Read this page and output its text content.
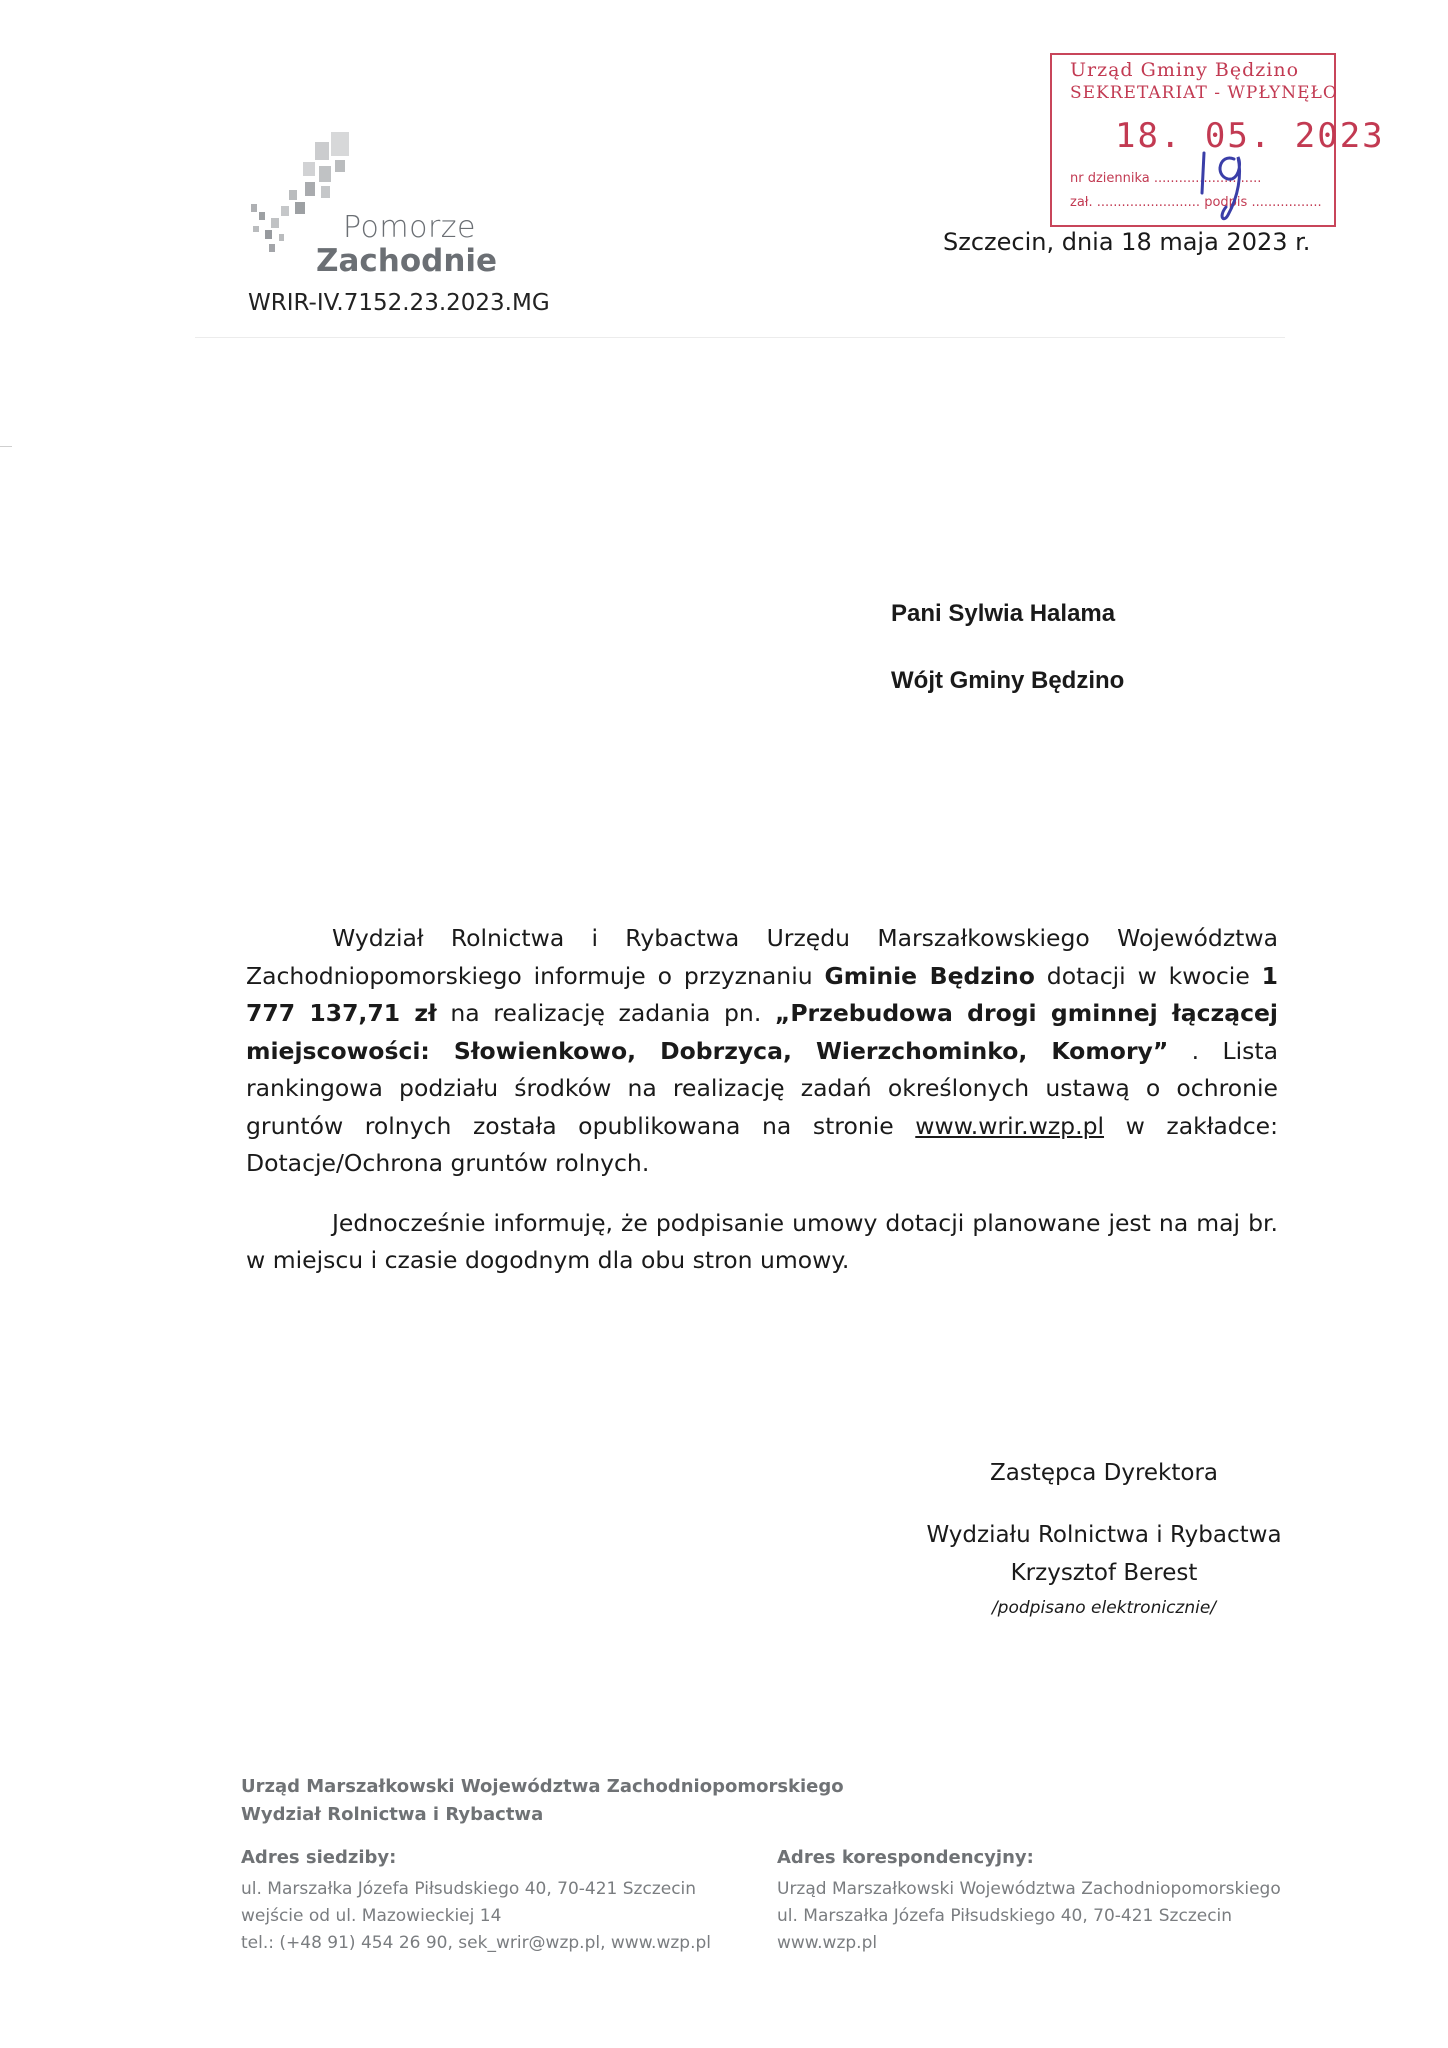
Pomorze
Zachodnie
WRIR-IV.7152.23.2023.MG
Urząd Gminy Będzino
SEKRETARIAT - WPŁYNĘŁO
18. 05. 2023
nr dziennika ..........................
zał. ......................... podpis .................
Szczecin, dnia 18 maja 2023 r.
Pani Sylwia Halama
Wójt Gminy Będzino

Wydział Rolnictwa i Rybactwa Urzędu Marszałkowskiego Województwa Zachodniopomorskiego informuje o przyznaniu Gminie Będzino dotacji w kwocie 1 777 137,71 zł na realizację zadania pn. „Przebudowa drogi gminnej łączącej miejscowości: Słowienkowo, Dobrzyca, Wierzchominko, Komory” . Lista rankingowa podziału środków na realizację zadań określonych ustawą o ochronie gruntów rolnych została opublikowana na stronie www.wrir.wzp.pl w zakładce: Dotacje/Ochrona gruntów rolnych.

Jednocześnie informuję, że podpisanie umowy dotacji planowane jest na maj br. w miejscu i czasie dogodnym dla obu stron umowy.

Zastępca Dyrektora
Wydziału Rolnictwa i Rybactwa
Krzysztof Berest
/podpisano elektronicznie/
Urząd Marszałkowski Województwa Zachodniopomorskiego
Wydział Rolnictwa i Rybactwa
Adres siedziby:
ul. Marszałka Józefa Piłsudskiego 40, 70-421 Szczecin
wejście od ul. Mazowieckiej 14
tel.: (+48 91) 454 26 90, sek_wrir@wzp.pl, www.wzp.pl
Adres korespondencyjny:
Urząd Marszałkowski Województwa Zachodniopomorskiego
ul. Marszałka Józefa Piłsudskiego 40, 70-421 Szczecin
www.wzp.pl
